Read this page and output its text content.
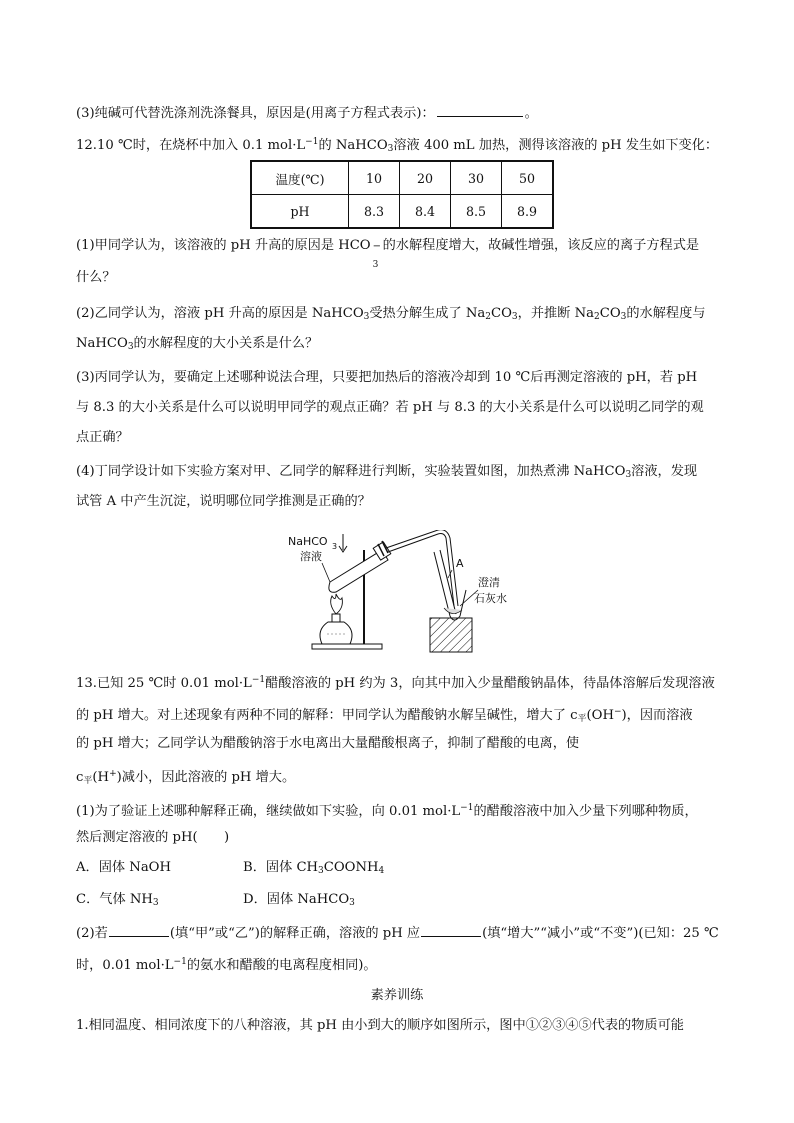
(3)纯碱可代替洗涤剂洗涤餐具，原因是(用离子方程式表示)：	。
12.10 ℃时，在烧杯中加入 0.1 $mol\cdot L^{-1}$的 NaHCO$_3$溶液 400 mL 加热，测得该溶液的 pH 发生如下变化：
温度(℃)	10	20	30	50
pH	8.3	8.4	8.5	8.9
(1)甲同学认为，该溶液的 pH 升高的原因是 HCO −
3
的水解程度增大，故碱性增强，该反应的离子方程式是
什么？
(2)乙同学认为，溶液 pH 升高的原因是 NaHCO$_3$受热分解生成了 $Na_2CO_3$，并推断 $Na_2CO_3$的水解程度与
NaHCO$_3$的水解程度的大小关系是什么？
(3)丙同学认为，要确定上述哪种说法合理，只要把加热后的溶液冷却到 10 ℃后再测定溶液的 pH，若 pH
与 8.3 的大小关系是什么可以说明甲同学的观点正确？若 pH 与 8.3 的大小关系是什么可以说明乙同学的观
点正确？
(4)丁同学设计如下实验方案对甲、乙同学的解释进行判断，实验装置如图，加热煮沸 NaHCO$_3$溶液，发现
试管 A 中产生沉淀，说明哪位同学推测是正确的？
NaHCO 3
溶液
A
澄清
石灰水
13.已知 25 ℃时 0.01 $mol\cdot L^{-1}$醋酸溶液的 pH 约为 3，向其中加入少量醋酸钠晶体，待晶体溶解后发现溶液
的 pH 增大。对上述现象有两种不同的解释：甲同学认为醋酸钠水解呈碱性，增大了 $c_平(OH^-)$，因而溶液
的 pH 增大；乙同学认为醋酸钠溶于水电离出大量醋酸根离子，抑制了醋酸的电离，使
$c_平(H^+)$减小，因此溶液的 pH 增大。
(1)为了验证上述哪种解释正确，继续做如下实验，向 0.01 $mol\cdot L^{-1}$的醋酸溶液中加入少量下列哪种物质，
然后测定溶液的 pH(　　)
A．固体 NaOH	B．固体 $CH_3COONH_4$
C．气体 $NH_3$	D．固体 NaHCO$_3$
(2)若	(填“甲”或“乙”)的解释正确，溶液的 pH 应	(填“增大”“减小”或“不变”)(已知：25 ℃
时，0.01 $mol\cdot L^{-1}$的氨水和醋酸的电离程度相同)。
素养训练
1.相同温度、相同浓度下的八种溶液，其 pH 由小到大的顺序如图所示，图中①②③④⑤代表的物质可能
